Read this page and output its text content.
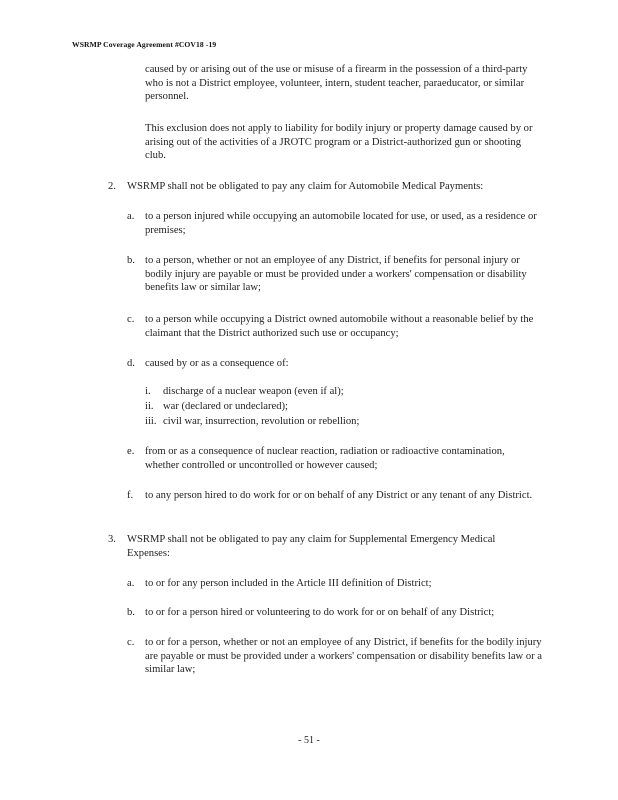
WSRMP Coverage Agreement #COV18 -19
caused by or arising out of the use or misuse of a firearm in the possession of a third-party who is not a District employee, volunteer, intern, student teacher, paraeducator, or similar personnel.
This exclusion does not apply to liability for bodily injury or property damage caused by or arising out of the activities of a JROTC program or a District-authorized gun or shooting club.
2. WSRMP shall not be obligated to pay any claim for Automobile Medical Payments:
a. to a person injured while occupying an automobile located for use, or used, as a residence or premises;
b. to a person, whether or not an employee of any District, if benefits for personal injury or bodily injury are payable or must be provided under a workers' compensation or disability benefits law or similar law;
c. to a person while occupying a District owned automobile without a reasonable belief by the claimant that the District authorized such use or occupancy;
d. caused by or as a consequence of:
i. discharge of a nuclear weapon (even if al);
ii. war (declared or undeclared);
iii. civil war, insurrection, revolution or rebellion;
e. from or as a consequence of nuclear reaction, radiation or radioactive contamination, whether controlled or uncontrolled or however caused;
f. to any person hired to do work for or on behalf of any District or any tenant of any District.
3. WSRMP shall not be obligated to pay any claim for Supplemental Emergency Medical Expenses:
a. to or for any person included in the Article III definition of District;
b. to or for a person hired or volunteering to do work for or on behalf of any District;
c. to or for a person, whether or not an employee of any District, if benefits for the bodily injury are payable or must be provided under a workers' compensation or disability benefits law or a similar law;
- 51 -
